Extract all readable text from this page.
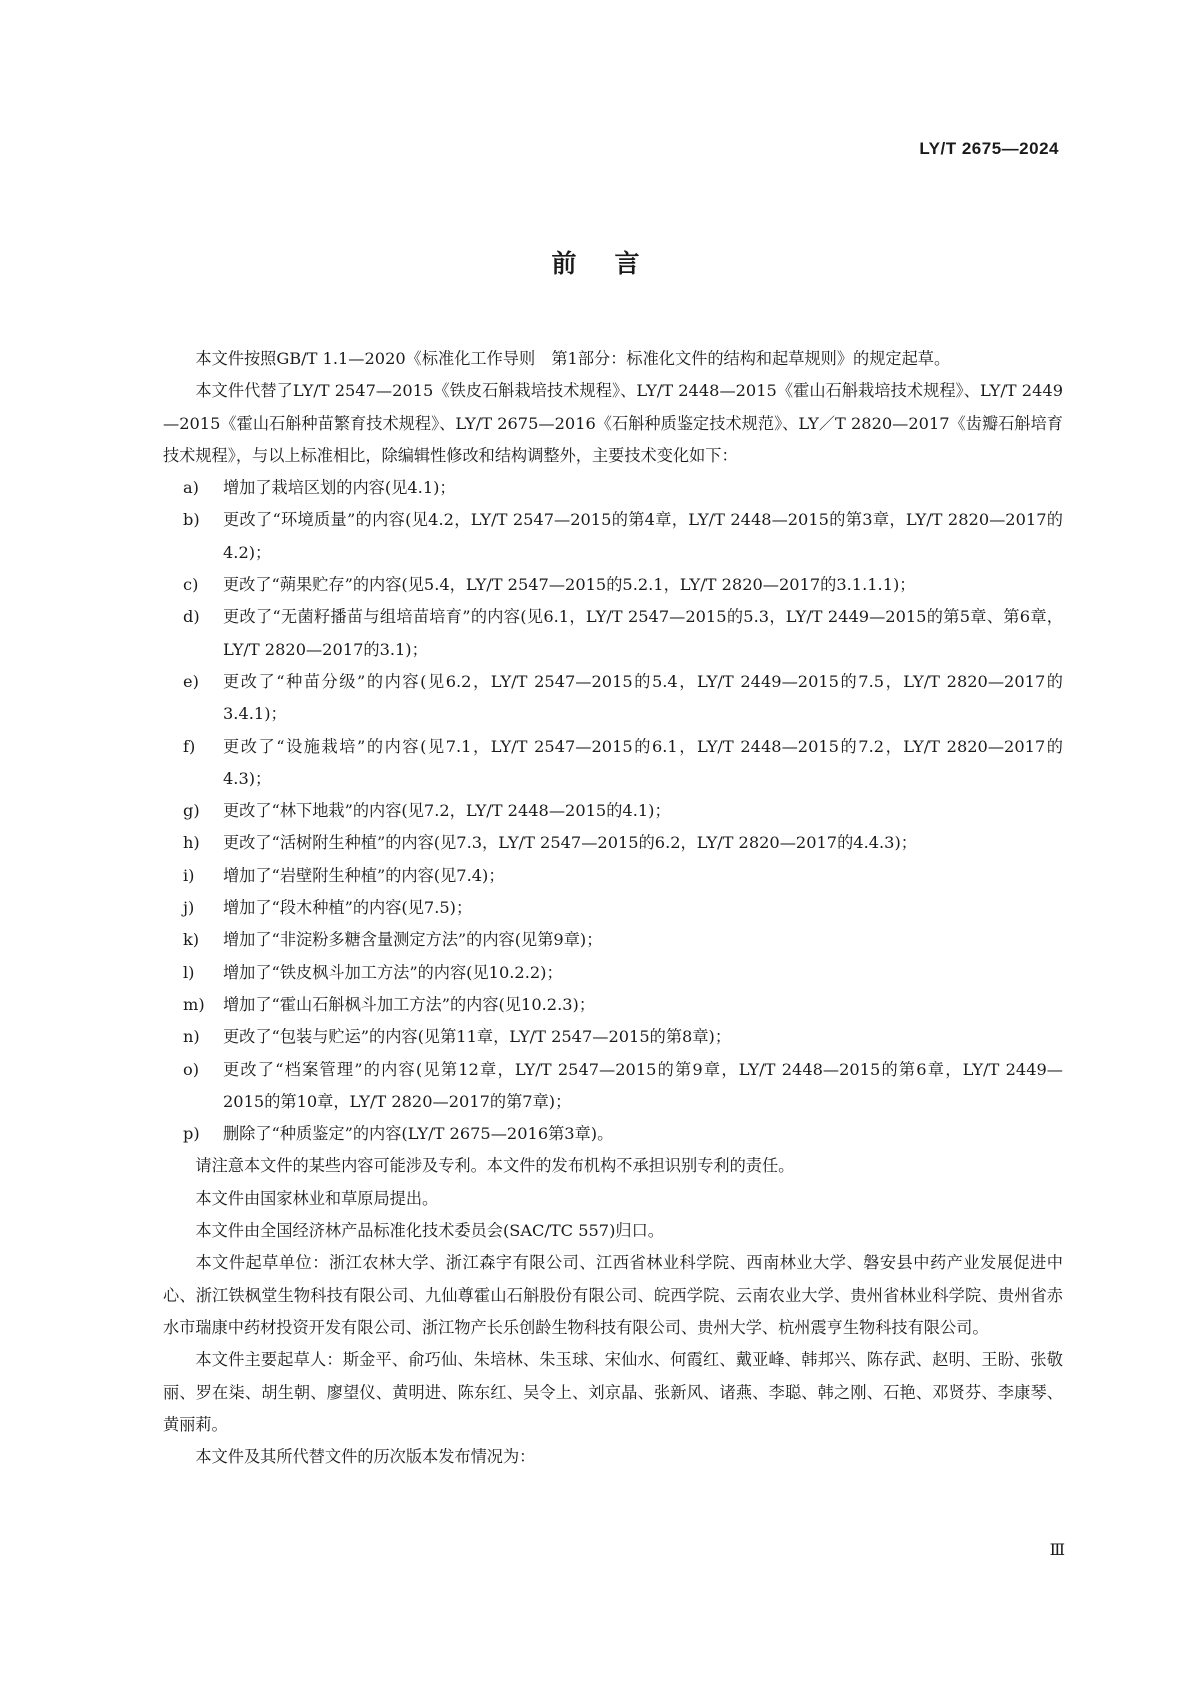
LY/T 2675—2024
前言

本文件按照GB/T 1.1—2020《标准化工作导则　第1部分：标准化文件的结构和起草规则》的规定起草。

本文件代替了LY/T 2547—2015《铁皮石斛栽培技术规程》、LY/T 2448—2015《霍山石斛栽培技术规程》、LY/T 2449—2015《霍山石斛种苗繁育技术规程》、LY/T 2675—2016《石斛种质鉴定技术规范》、LY／T 2820—2017《齿瓣石斛培育技术规程》，与以上标准相比，除编辑性修改和结构调整外，主要技术变化如下：

a) 增加了栽培区划的内容(见4.1)；
b) 更改了“环境质量”的内容(见4.2，LY/T 2547—2015的第4章，LY/T 2448—2015的第3章，LY/T 2820—2017的4.2)；
c) 更改了“蒴果贮存”的内容(见5.4，LY/T 2547—2015的5.2.1，LY/T 2820—2017的3.1.1.1)；
d) 更改了“无菌籽播苗与组培苗培育”的内容(见6.1，LY/T 2547—2015的5.3，LY/T 2449—2015的第5章、第6章，LY/T 2820—2017的3.1)；
e) 更改了“种苗分级”的内容(见6.2，LY/T 2547—2015的5.4，LY/T 2449—2015的7.5，LY/T 2820—2017的3.4.1)；
f) 更改了“设施栽培”的内容(见7.1，LY/T 2547—2015的6.1，LY/T 2448—2015的7.2，LY/T 2820—2017的4.3)；
g) 更改了“林下地栽”的内容(见7.2，LY/T 2448—2015的4.1)；
h) 更改了“活树附生种植”的内容(见7.3，LY/T 2547—2015的6.2，LY/T 2820—2017的4.4.3)；
i) 增加了“岩壁附生种植”的内容(见7.4)；
j) 增加了“段木种植”的内容(见7.5)；
k) 增加了“非淀粉多糖含量测定方法”的内容(见第9章)；
l) 增加了“铁皮枫斗加工方法”的内容(见10.2.2)；
m) 增加了“霍山石斛枫斗加工方法”的内容(见10.2.3)；
n) 更改了“包装与贮运”的内容(见第11章，LY/T 2547—2015的第8章)；
o) 更改了“档案管理”的内容(见第12章，LY/T 2547—2015的第9章，LY/T 2448—2015的第6章，LY/T 2449—2015的第10章，LY/T 2820—2017的第7章)；
p) 删除了“种质鉴定”的内容(LY/T 2675—2016第3章)。

请注意本文件的某些内容可能涉及专利。本文件的发布机构不承担识别专利的责任。

本文件由国家林业和草原局提出。

本文件由全国经济林产品标准化技术委员会(SAC/TC 557)归口。

本文件起草单位：浙江农林大学、浙江森宇有限公司、江西省林业科学院、西南林业大学、磐安县中药产业发展促进中心、浙江铁枫堂生物科技有限公司、九仙尊霍山石斛股份有限公司、皖西学院、云南农业大学、贵州省林业科学院、贵州省赤水市瑞康中药材投资开发有限公司、浙江物产长乐创龄生物科技有限公司、贵州大学、杭州震亨生物科技有限公司。

本文件主要起草人：斯金平、俞巧仙、朱培林、朱玉球、宋仙水、何霞红、戴亚峰、韩邦兴、陈存武、赵明、王盼、张敬丽、罗在柒、胡生朝、廖望仪、黄明进、陈东红、吴令上、刘京晶、张新风、诸燕、李聪、韩之刚、石艳、邓贤芬、李康琴、黄丽莉。

本文件及其所代替文件的历次版本发布情况为：

Ⅲ
